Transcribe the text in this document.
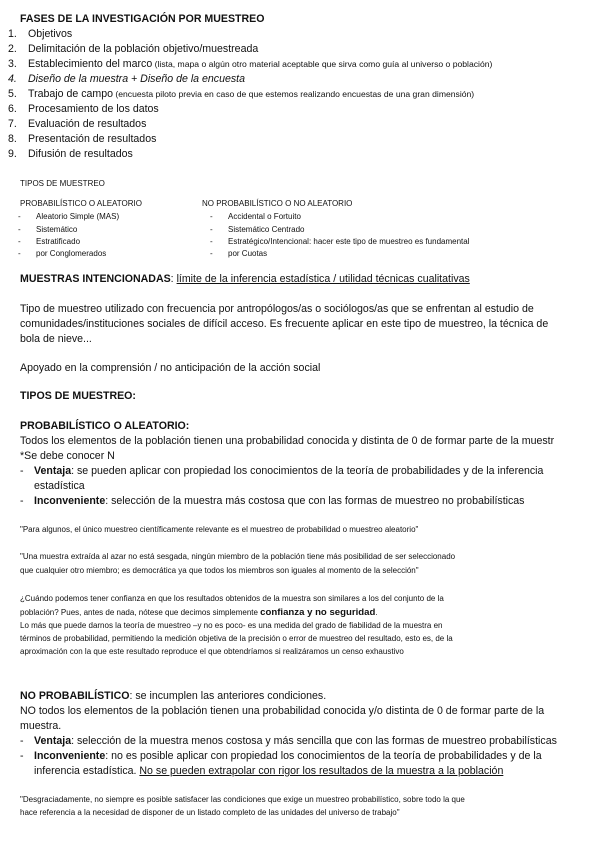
FASES DE LA INVESTIGACIÓN POR MUESTREO
1. Objetivos
2. Delimitación de la población objetivo/muestreada
3. Establecimiento del marco (lista, mapa o algún otro material aceptable que sirva como guía al universo o población)
4. Diseño de la muestra + Diseño de la encuesta
5. Trabajo de campo (encuesta piloto previa en caso de que estemos realizando encuestas de una gran dimensión)
6. Procesamiento de los datos
7. Evaluación de resultados
8. Presentación de resultados
9. Difusión de resultados
TIPOS DE MUESTREO
PROBABILÍSTICO O ALEATORIO	NO PROBABILÍSTICO O NO ALEATORIO
- Aleatorio Simple (MAS)
- Sistemático
- Estratificado
- por Conglomerados
- Accidental o Fortuito
- Sistemático Centrado
- Estratégico/Intencional: hacer este tipo de muestreo es fundamental
- por Cuotas
MUESTRAS INTENCIONADAS: límite de la inferencia estadística / utilidad técnicas cualitativas
Tipo de muestreo utilizado con frecuencia por antropólogos/as o sociólogos/as que se enfrentan al estudio de
comunidades/instituciones sociales de difícil acceso. Es frecuente aplicar en este tipo de muestreo, la técnica de
bola de nieve...
Apoyado en la comprensión / no anticipación de la acción social
TIPOS DE MUESTREO:
PROBABILÍSTICO O ALEATORIO:
Todos los elementos de la población tienen una probabilidad conocida y distinta de 0 de formar parte de la muestr
*Se debe conocer N
- Ventaja: se pueden aplicar con propiedad los conocimientos de la teoría de probabilidades y de la inferencia
estadística
- Inconveniente: selección de la muestra más costosa que con las formas de muestreo no probabilísticas
"Para algunos, el único muestreo científicamente relevante es el muestreo de probabilidad o muestreo aleatorio"
"Una muestra extraída al azar no está sesgada, ningún miembro de la población tiene más posibilidad de ser seleccionado
que cualquier otro miembro; es democrática ya que todos los miembros son iguales al momento de la selección"
¿Cuándo podemos tener confianza en que los resultados obtenidos de la muestra son similares a los del conjunto de la
población? Pues, antes de nada, nótese que decimos simplemente confianza y no seguridad.
Lo más que puede darnos la teoría de muestreo –y no es poco- es una medida del grado de fiabilidad de la muestra en
términos de probabilidad, permitiendo la medición objetiva de la precisión o error de muestreo del resultado, esto es, de la
aproximación con la que este resultado reproduce el que obtendríamos si realizáramos un censo exhaustivo
NO PROBABILÍSTICO: se incumplen las anteriores condiciones.
NO todos los elementos de la población tienen una probabilidad conocida y/o distinta de 0 de formar parte de la
muestra.
- Ventaja: selección de la muestra menos costosa y más sencilla que con las formas de muestreo probabilísticas
- Inconveniente: no es posible aplicar con propiedad los conocimientos de la teoría de probabilidades y de la
inferencia estadística. No se pueden extrapolar con rigor los resultados de la muestra a la población
"Desgraciadamente, no siempre es posible satisfacer las condiciones que exige un muestreo probabilístico, sobre todo la que
hace referencia a la necesidad de disponer de un listado completo de las unidades del universo de trabajo"
